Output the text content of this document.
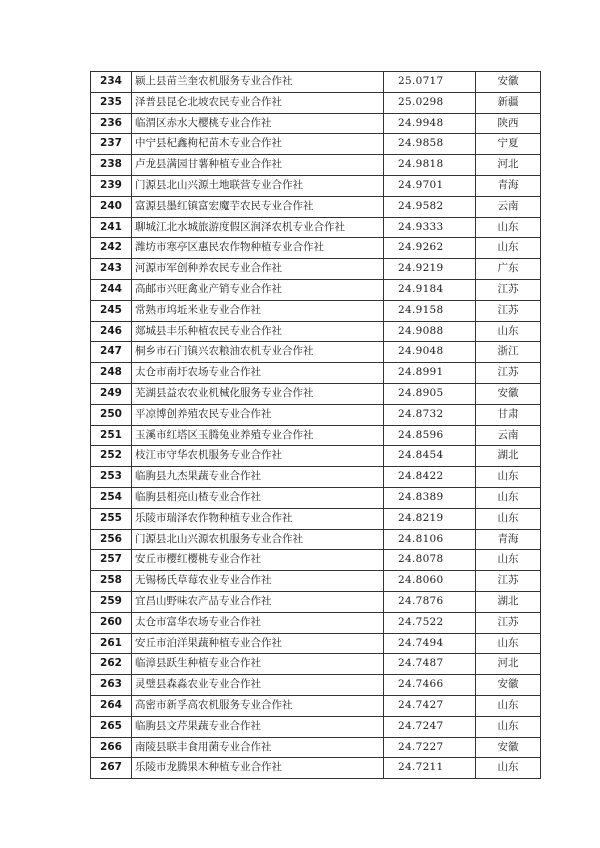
234	颍上县苗兰奎农机服务专业合作社	25.0717	安徽
235	泽普县昆仑北坡农民专业合作社	25.0298	新疆
236	临渭区赤水大樱桃专业合作社	24.9948	陕西
237	中宁县杞鑫枸杞苗木专业合作社	24.9858	宁夏
238	卢龙县满园甘薯种植专业合作社	24.9818	河北
239	门源县北山兴源土地联营专业合作社	24.9701	青海
240	富源县墨红镇富宏魔芋农民专业合作社	24.9582	云南
241	聊城江北水城旅游度假区润泽农机专业合作社	24.9333	山东
242	潍坊市寒亭区惠民农作物种植专业合作社	24.9262	山东
243	河源市军创种养农民专业合作社	24.9219	广东
244	高邮市兴旺禽业产销专业合作社	24.9184	江苏
245	常熟市坞坵米业专业合作社	24.9158	江苏
246	郯城县丰乐种植农民专业合作社	24.9088	山东
247	桐乡市石门镇兴农粮油农机专业合作社	24.9048	浙江
248	太仓市南圩农场专业合作社	24.8991	江苏
249	芜湖县益农农业机械化服务专业合作社	24.8905	安徽
250	平凉博创养殖农民专业合作社	24.8732	甘肃
251	玉溪市红塔区玉腾兔业养殖专业合作社	24.8596	云南
252	枝江市守华农机服务专业合作社	24.8454	湖北
253	临朐县九杰果蔬专业合作社	24.8422	山东
254	临朐县相亮山楂专业合作社	24.8389	山东
255	乐陵市瑞泽农作物种植专业合作社	24.8219	山东
256	门源县北山兴源农机服务专业合作社	24.8106	青海
257	安丘市樱红樱桃专业合作社	24.8078	山东
258	无锡杨氏草莓农业专业合作社	24.8060	江苏
259	宜昌山野味农产品专业合作社	24.7876	湖北
260	太仓市富华农场专业合作社	24.7522	江苏
261	安丘市泊洋果蔬种植专业合作社	24.7494	山东
262	临漳县跃生种植专业合作社	24.7487	河北
263	灵璧县森淼农业专业合作社	24.7466	安徽
264	高密市新孚高农机服务专业合作社	24.7427	山东
265	临朐县文芹果蔬专业合作社	24.7247	山东
266	南陵县联丰食用菌专业合作社	24.7227	安徽
267	乐陵市龙腾果木种植专业合作社	24.7211	山东
